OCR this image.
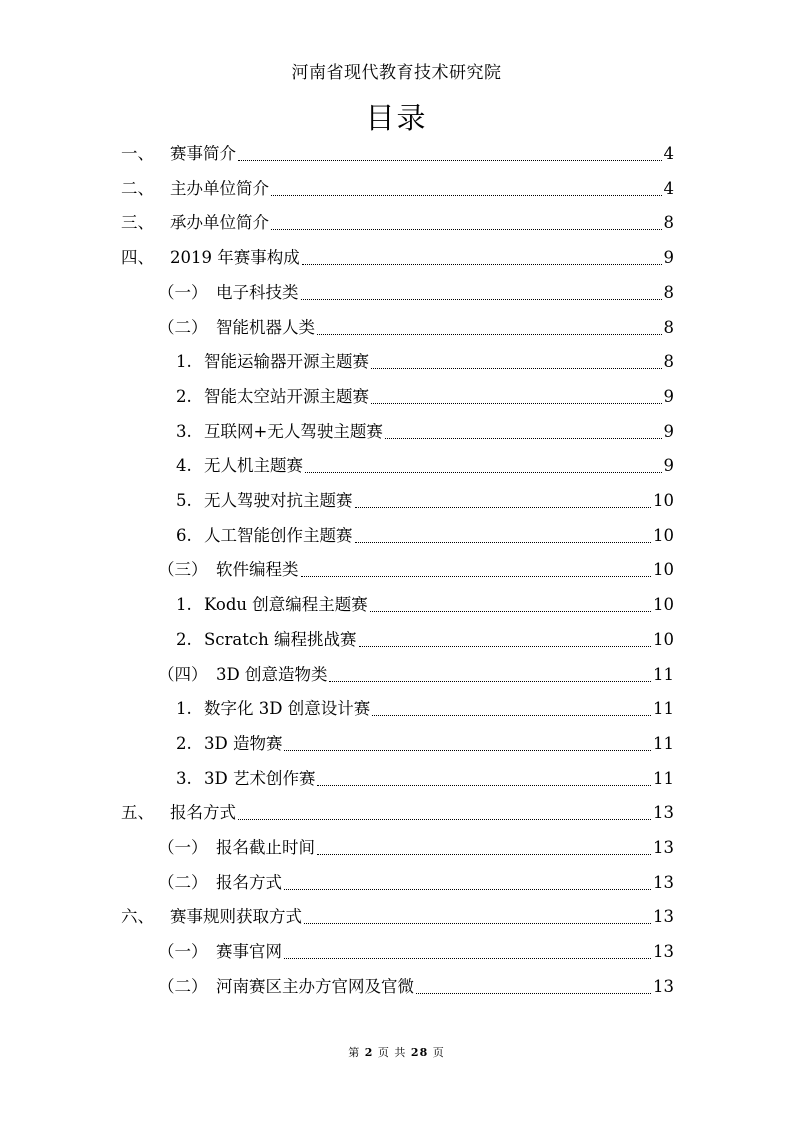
河南省现代教育技术研究院
目录
一、 赛事简介	4
二、 主办单位简介	4
三、 承办单位简介	8
四、 2019 年赛事构成	9
（一） 电子科技类	8
（二） 智能机器人类	8
1. 智能运输器开源主题赛	8
2. 智能太空站开源主题赛	9
3. 互联网+无人驾驶主题赛	9
4. 无人机主题赛	9
5. 无人驾驶对抗主题赛	10
6. 人工智能创作主题赛	10
（三） 软件编程类	10
1. Kodu 创意编程主题赛	10
2. Scratch 编程挑战赛	10
（四） 3D 创意造物类	11
1. 数字化 3D 创意设计赛	11
2. 3D 造物赛	11
3. 3D 艺术创作赛	11
五、 报名方式	13
（一） 报名截止时间	13
（二） 报名方式	13
六、 赛事规则获取方式	13
（一） 赛事官网	13
（二） 河南赛区主办方官网及官微	13
第 2 页 共 28 页
